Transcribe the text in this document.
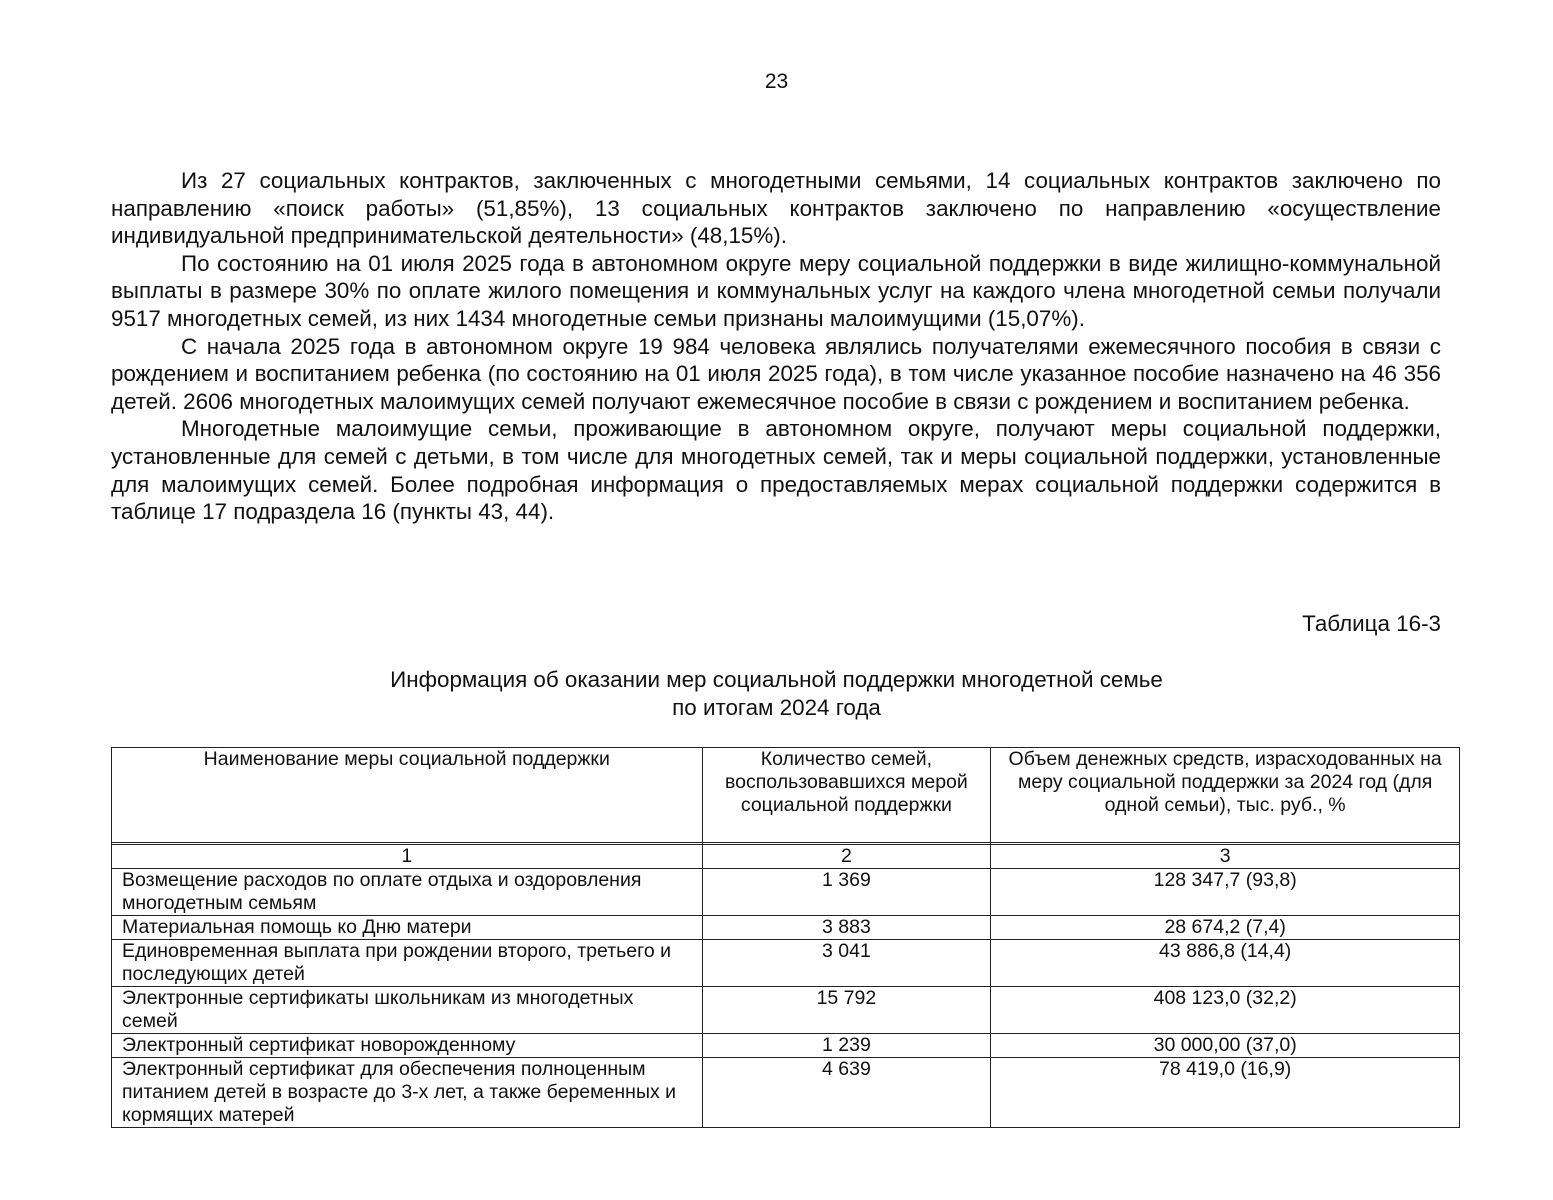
23

Из 27 социальных контрактов, заключенных с многодетными семьями, 14 социальных контрактов заключено по направлению «поиск работы» (51,85%), 13 социальных контрактов заключено по направлению «осуществление индивидуальной предпринимательской деятельности» (48,15%).

По состоянию на 01 июля 2025 года в автономном округе меру социальной поддержки в виде жилищно-коммунальной выплаты в размере 30% по оплате жилого помещения и коммунальных услуг на каждого члена многодетной семьи получали 9517 многодетных семей, из них 1434 многодетные семьи признаны малоимущими (15,07%).

С начала 2025 года в автономном округе 19 984 человека являлись получателями ежемесячного пособия в связи с рождением и воспитанием ребенка (по состоянию на 01 июля 2025 года), в том числе указанное пособие назначено на 46 356 детей. 2606 многодетных малоимущих семей получают ежемесячное пособие в связи с рождением и воспитанием ребенка.

Многодетные малоимущие семьи, проживающие в автономном округе, получают меры социальной поддержки, установленные для семей с детьми, в том числе для многодетных семей, так и меры социальной поддержки, установленные для малоимущих семей. Более подробная информация о предоставляемых мерах социальной поддержки содержится в таблице 17 подраздела 16 (пункты 43, 44).

Таблица 16-3
Информация об оказании мер социальной поддержки многодетной семье
по итогам 2024 года
Наименование меры социальной поддержки	Количество семей, воспользовавшихся мерой социальной поддержки	Объем денежных средств, израсходованных на меру социальной поддержки за 2024 год (для одной семьи), тыс. руб., %

1	2	3
Возмещение расходов по оплате отдыха и оздоровления многодетным семьям	1 369	128 347,7 (93,8)
Материальная помощь ко Дню матери	3 883	28 674,2 (7,4)
Единовременная выплата при рождении второго, третьего и последующих детей	3 041	43 886,8 (14,4)
Электронные сертификаты школьникам из многодетных семей	15 792	408 123,0 (32,2)
Электронный сертификат новорожденному	1 239	30 000,00 (37,0)
Электронный сертификат для обеспечения полноценным питанием детей в возрасте до 3-х лет, а также беременных и кормящих матерей	4 639	78 419,0 (16,9)
